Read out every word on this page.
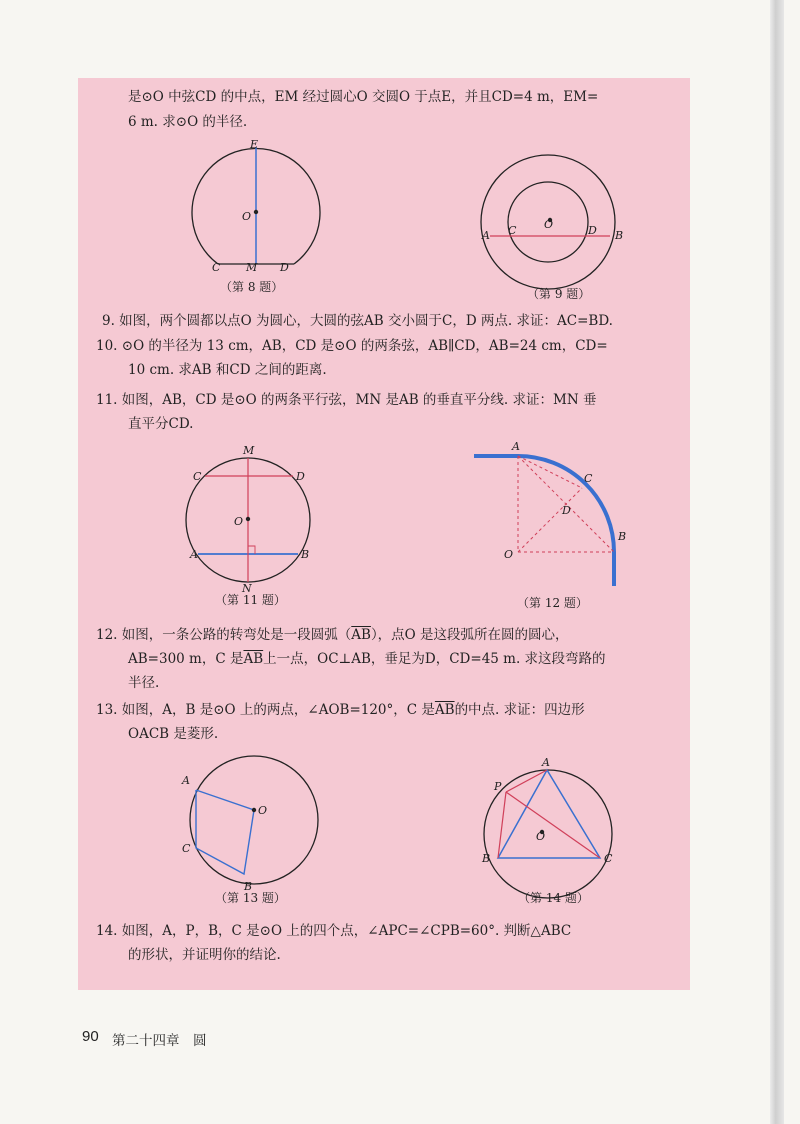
是⊙O 中弦CD 的中点，EM 经过圆心O 交圆O 于点E，并且CD=4 m，EM=
6 m. 求⊙O 的半径.
E
O
C M D
（第 8 题）
A C	O	D B
（第 9 题）
9. 如图，两个圆都以点O 为圆心，大圆的弦AB 交小圆于C，D 两点. 求证：AC=BD.
10. ⊙O 的半径为 13 cm，AB，CD 是⊙O 的两条弦，AB∥CD，AB=24 cm，CD=
10 cm. 求AB 和CD 之间的距离.
11. 如图，AB，CD 是⊙O 的两条平行弦，MN 是AB 的垂直平分线. 求证：MN 垂
直平分CD.
M
C	D
O
A	B
N
（第 11 题）
A
C
D
B
O
（第 12 题）
12. 如图，一条公路的转弯处是一段圆弧$(\overline{AB})$，点O 是这段弧所在圆的圆心，
AB=300 m，C 是$\overline{AB}$上一点，OC⊥AB，垂足为D，CD=45 m. 求这段弯路的
半径.
13. 如图，A，B 是⊙O 上的两点，∠AOB=120°，C 是$\overline{AB}$的中点. 求证：四边形
OACB 是菱形.
A
O
C
B
（第 13 题）
A
P
O
B	C
（第 14 题）
14. 如图，A，P，B，C 是⊙O 上的四个点，∠APC=∠CPB=60°. 判断△ABC
的形状，并证明你的结论.
90 第二十四章　圆
